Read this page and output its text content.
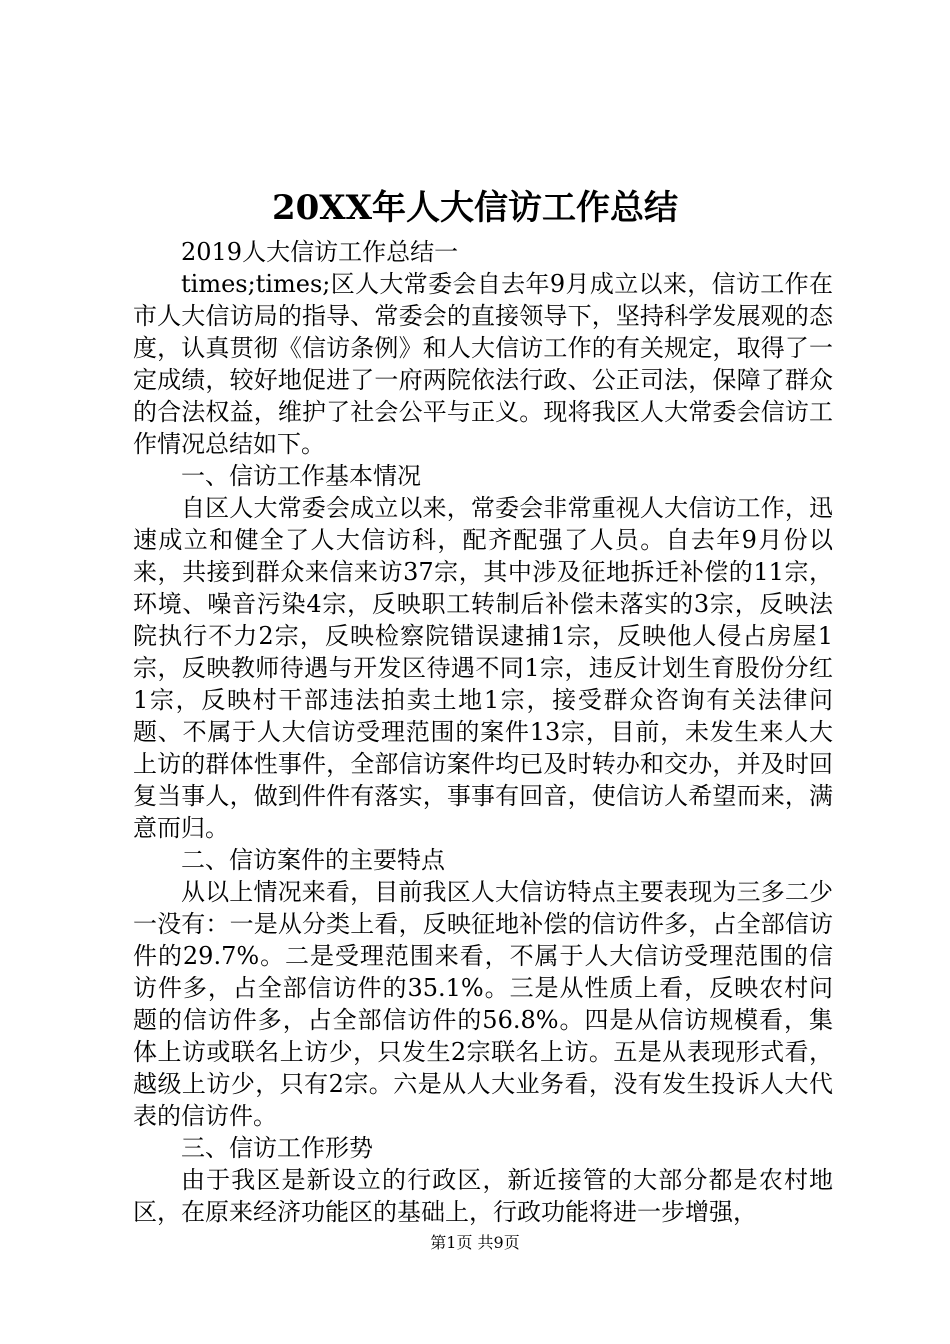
20XX年人大信访工作总结

2019人大信访工作总结一

times;times;区人大常委会自去年9月成立以来，信访工作在市人大信访局的指导、常委会的直接领导下，坚持科学发展观的态度，认真贯彻《信访条例》和人大信访工作的有关规定，取得了一定成绩，较好地促进了一府两院依法行政、公正司法，保障了群众的合法权益，维护了社会公平与正义。现将我区人大常委会信访工作情况总结如下。

一、信访工作基本情况

自区人大常委会成立以来，常委会非常重视人大信访工作，迅速成立和健全了人大信访科，配齐配强了人员。自去年9月份以来，共接到群众来信来访37宗，其中涉及征地拆迁补偿的11宗，环境、噪音污染4宗，反映职工转制后补偿未落实的3宗，反映法院执行不力2宗，反映检察院错误逮捕1宗，反映他人侵占房屋1宗，反映教师待遇与开发区待遇不同1宗，违反计划生育股份分红1宗，反映村干部违法拍卖土地1宗，接受群众咨询有关法律问题、不属于人大信访受理范围的案件13宗，目前，未发生来人大上访的群体性事件，全部信访案件均已及时转办和交办，并及时回复当事人，做到件件有落实，事事有回音，使信访人希望而来，满意而归。

二、信访案件的主要特点

从以上情况来看，目前我区人大信访特点主要表现为三多二少一没有：一是从分类上看，反映征地补偿的信访件多，占全部信访件的29.7%。二是受理范围来看，不属于人大信访受理范围的信访件多，占全部信访件的35.1%。三是从性质上看，反映农村问题的信访件多，占全部信访件的56.8%。四是从信访规模看，集体上访或联名上访少，只发生2宗联名上访。五是从表现形式看，越级上访少，只有2宗。六是从人大业务看，没有发生投诉人大代表的信访件。

三、信访工作形势

由于我区是新设立的行政区，新近接管的大部分都是农村地区，在原来经济功能区的基础上，行政功能将进一步增强，

第1页 共9页
